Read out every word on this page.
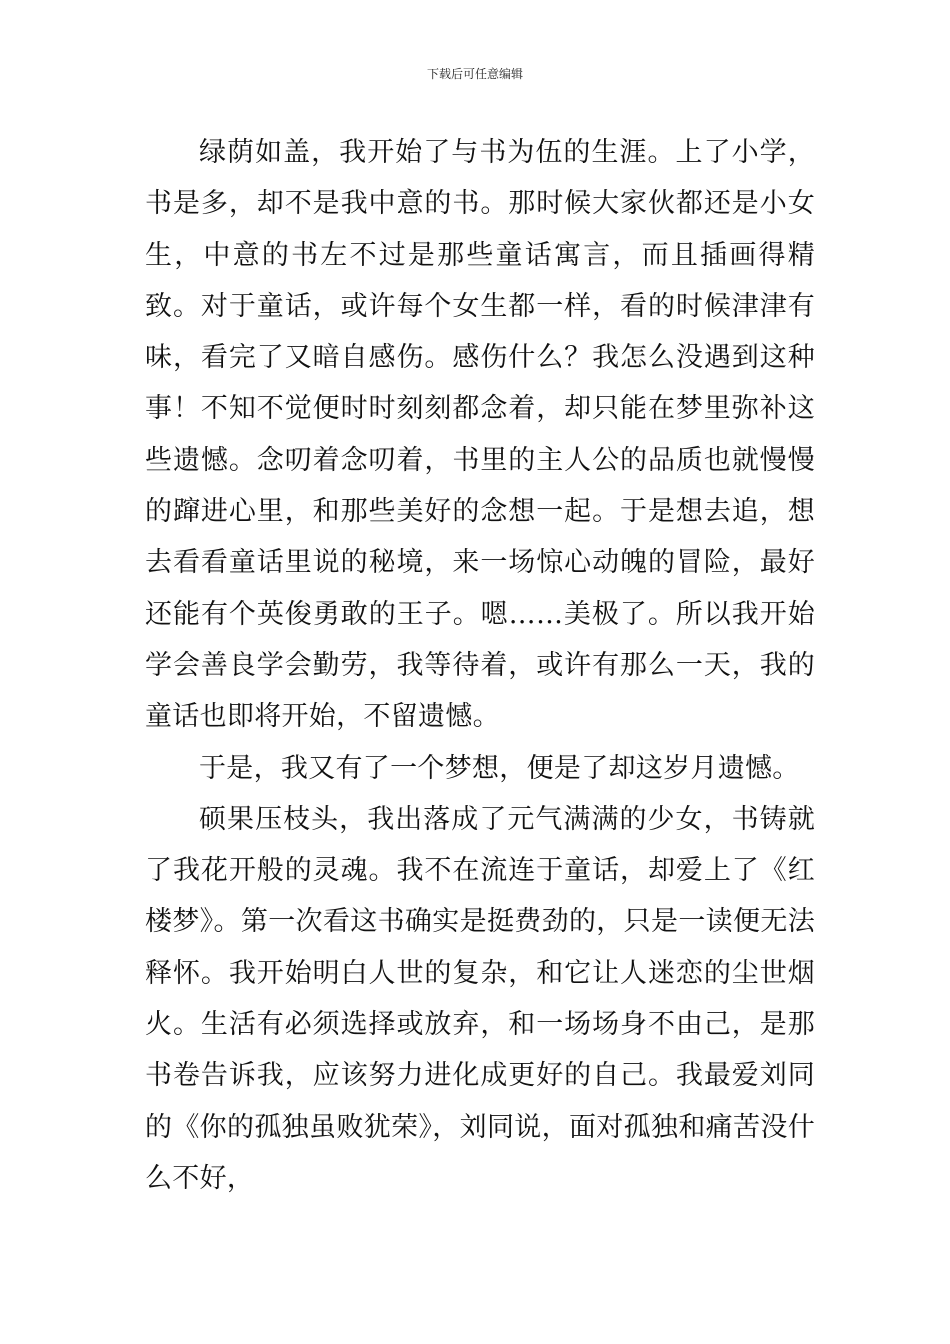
下载后可任意编辑

绿荫如盖，我开始了与书为伍的生涯。上了小学，书是多，却不是我中意的书。那时候大家伙都还是小女生，中意的书左不过是那些童话寓言，而且插画得精致。对于童话，或许每个女生都一样，看的时候津津有味，看完了又暗自感伤。感伤什么？我怎么没遇到这种事！不知不觉便时时刻刻都念着，却只能在梦里弥补这些遗憾。念叨着念叨着，书里的主人公的品质也就慢慢的蹿进心里，和那些美好的念想一起。于是想去追，想去看看童话里说的秘境，来一场惊心动魄的冒险，最好还能有个英俊勇敢的王子。嗯……美极了。所以我开始学会善良学会勤劳，我等待着，或许有那么一天，我的童话也即将开始，不留遗憾。

于是，我又有了一个梦想，便是了却这岁月遗憾。

硕果压枝头，我出落成了元气满满的少女，书铸就了我花开般的灵魂。我不在流连于童话，却爱上了《红楼梦》。第一次看这书确实是挺费劲的，只是一读便无法释怀。我开始明白人世的复杂，和它让人迷恋的尘世烟火。生活有必须选择或放弃，和一场场身不由己，是那书卷告诉我，应该努力进化成更好的自己。我最爱刘同的《你的孤独虽败犹荣》，刘同说，面对孤独和痛苦没什么不好，
